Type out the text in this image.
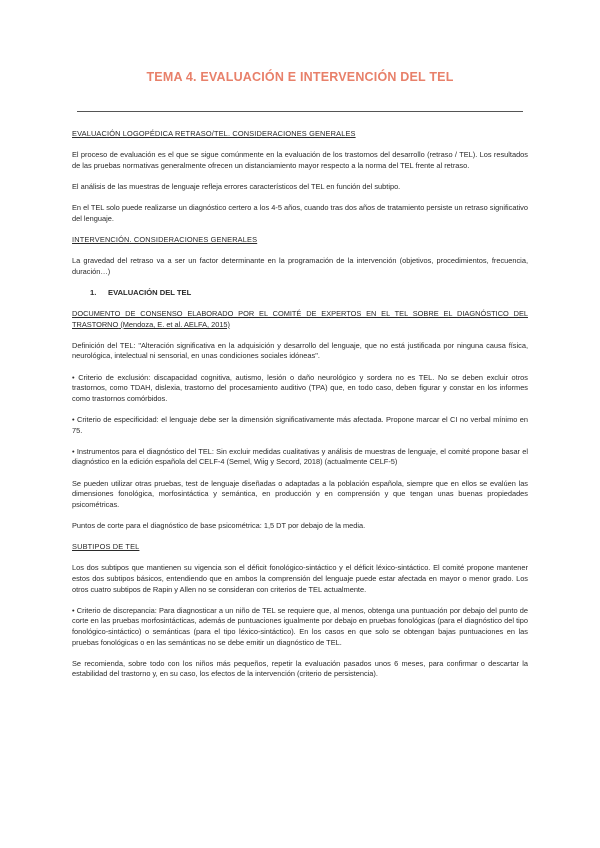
TEMA 4. EVALUACIÓN E INTERVENCIÓN DEL TEL

EVALUACIÓN LOGOPÉDICA RETRASO/TEL. CONSIDERACIONES GENERALES

El proceso de evaluación es el que se sigue comúnmente en la evaluación de los trastornos del desarrollo (retraso / TEL). Los resultados de las pruebas normativas generalmente ofrecen un distanciamiento mayor respecto a la norma del TEL frente al retraso.

El análisis de las muestras de lenguaje refleja errores característicos del TEL en función del subtipo.

En el TEL solo puede realizarse un diagnóstico certero a los 4-5 años, cuando tras dos años de tratamiento persiste un retraso significativo del lenguaje.

INTERVENCIÓN. CONSIDERACIONES GENERALES

La gravedad del retraso va a ser un factor determinante en la programación de la intervención (objetivos, procedimientos, frecuencia, duración…)

1. EVALUACIÓN DEL TEL

DOCUMENTO DE CONSENSO ELABORADO POR EL COMITÉ DE EXPERTOS EN EL TEL SOBRE EL DIAGNÓSTICO DEL TRASTORNO (Mendoza, E. et al. AELFA, 2015)

Definición del TEL: "Alteración significativa en la adquisición y desarrollo del lenguaje, que no está justificada por ninguna causa física, neurológica, intelectual ni sensorial, en unas condiciones sociales idóneas".

• Criterio de exclusión: discapacidad cognitiva, autismo, lesión o daño neurológico y sordera no es TEL. No se deben excluir otros trastornos, como TDAH, dislexia, trastorno del procesamiento auditivo (TPA) que, en todo caso, deben figurar y constar en los informes como trastornos comórbidos.

• Criterio de especificidad: el lenguaje debe ser la dimensión significativamente más afectada. Propone marcar el CI no verbal mínimo en 75.

• Instrumentos para el diagnóstico del TEL: Sin excluir medidas cualitativas y análisis de muestras de lenguaje, el comité propone basar el diagnóstico en la edición española del CELF-4 (Semel, Wiig y Secord, 2018) (actualmente CELF-5)

Se pueden utilizar otras pruebas, test de lenguaje diseñadas o adaptadas a la población española, siempre que en ellos se evalúen las dimensiones fonológica, morfosintáctica y semántica, en producción y en comprensión y que tengan unas buenas propiedades psicométricas.

Puntos de corte para el diagnóstico de base psicométrica: 1,5 DT por debajo de la media.

SUBTIPOS DE TEL

Los dos subtipos que mantienen su vigencia son el déficit fonológico-sintáctico y el déficit léxico-sintáctico. El comité propone mantener estos dos subtipos básicos, entendiendo que en ambos la comprensión del lenguaje puede estar afectada en mayor o menor grado. Los otros cuatro subtipos de Rapin y Allen no se consideran con criterios de TEL actualmente.

• Criterio de discrepancia: Para diagnosticar a un niño de TEL se requiere que, al menos, obtenga una puntuación por debajo del punto de corte en las pruebas morfosintácticas, además de puntuaciones igualmente por debajo en pruebas fonológicas (para el diagnóstico del tipo fonológico-sintáctico) o semánticas (para el tipo léxico-sintáctico). En los casos en que solo se obtengan bajas puntuaciones en las pruebas fonológicas o en las semánticas no se debe emitir un diagnóstico de TEL.

Se recomienda, sobre todo con los niños más pequeños, repetir la evaluación pasados unos 6 meses, para confirmar o descartar la estabilidad del trastorno y, en su caso, los efectos de la intervención (criterio de persistencia).
